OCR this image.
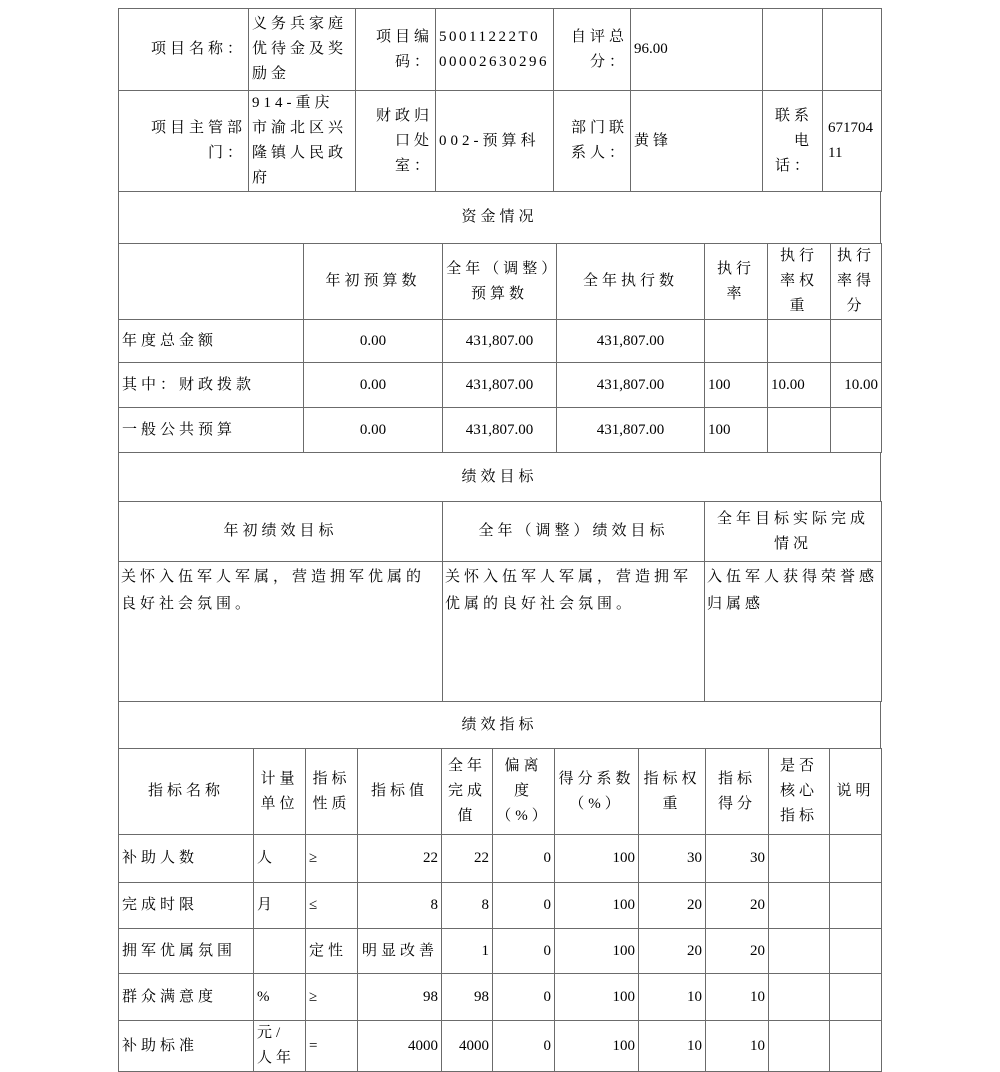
项目名称：	义务兵家庭优待金及奖励金	项目编码：	50011222T000002630296	自评总分：	96.00		
项目主管部门：	914-重庆市渝北区兴隆镇人民政府	财政归口处室：	002-预算科	部门联系人：	黄锋	联系电话：	67170411
资金情况
	年初预算数	全年（调整）预算数	全年执行数	执行率	执行率权重	执行率得分
年度总金额	0.00	431,807.00	431,807.00			
其中：财政拨款	0.00	431,807.00	431,807.00	100	10.00	10.00
一般公共预算	0.00	431,807.00	431,807.00	100		
绩效目标
年初绩效目标	全年（调整）绩效目标	全年目标实际完成情况
关怀入伍军人军属，营造拥军优属的良好社会氛围。	关怀入伍军人军属，营造拥军优属的良好社会氛围。	入伍军人获得荣誉感归属感
绩效指标
指标名称	计量单位	指标性质	指标值	全年完成值	偏离度（%）	得分系数（%）	指标权重	指标得分	是否核心指标	说明
补助人数	人	≥	22	22	0	100	30	30		
完成时限	月	≤	8	8	0	100	20	20		
拥军优属氛围		定性	明显改善	1	0	100	20	20		
群众满意度	%	≥	98	98	0	100	10	10		
补助标准	元/人年	=	4000	4000	0	100	10	10		
